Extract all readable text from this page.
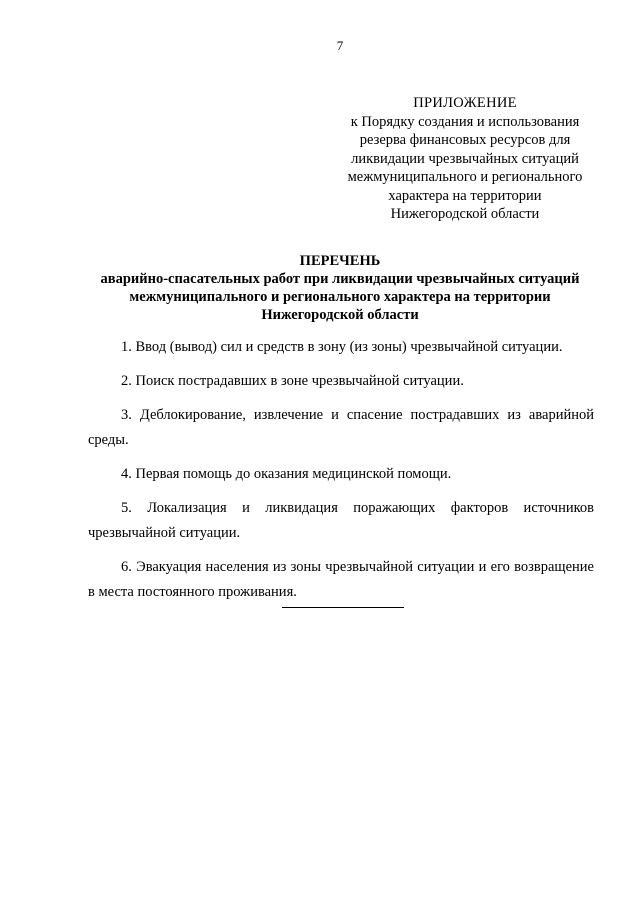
7
ПРИЛОЖЕНИЕ
к Порядку создания и использования
резерва финансовых ресурсов для
ликвидации чрезвычайных ситуаций
межмуниципального и регионального
характера на территории
Нижегородской области
ПЕРЕЧЕНЬ
аварийно-спасательных работ при ликвидации чрезвычайных ситуаций
межмуниципального и регионального характера на территории
Нижегородской области

1. Ввод (вывод) сил и средств в зону (из зоны) чрезвычайной ситуации.

2. Поиск пострадавших в зоне чрезвычайной ситуации.

3. Деблокирование, извлечение и спасение пострадавших из аварийной среды.

4. Первая помощь до оказания медицинской помощи.

5. Локализация и ликвидация поражающих факторов источников чрезвычайной ситуации.

6. Эвакуация населения из зоны чрезвычайной ситуации и его возвращение в места постоянного проживания.
